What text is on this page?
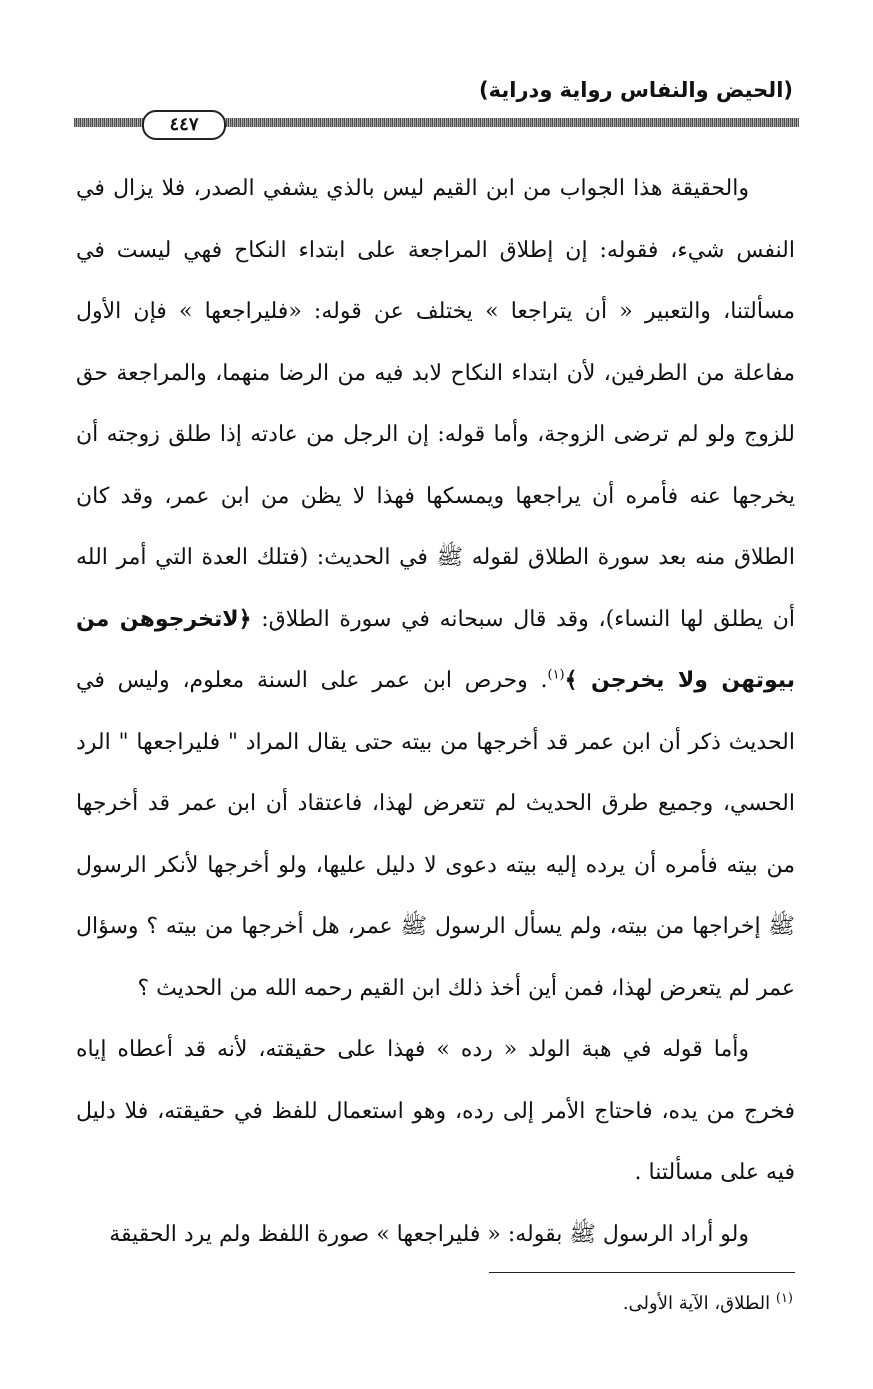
(الحيض والنفاس رواية ودراية)
٤٤٧

والحقيقة هذا الجواب من ابن القيم ليس بالذي يشفي الصدر، فلا يزال في النفس شيء، فقوله: إن إطلاق المراجعة على ابتداء النكاح فهي ليست في مسألتنا، والتعبير « أن يتراجعا » يختلف عن قوله: «فليراجعها » فإن الأول مفاعلة من الطرفين، لأن ابتداء النكاح لابد فيه من الرضا منهما، والمراجعة حق للزوج ولو لم ترضى الزوجة، وأما قوله: إن الرجل من عادته إذا طلق زوجته أن يخرجها عنه فأمره أن يراجعها ويمسكها فهذا لا يظن من ابن عمر، وقد كان الطلاق منه بعد سورة الطلاق لقوله ﷺ في الحديث: (فتلك العدة التي أمر الله أن يطلق لها النساء)، وقد قال سبحانه في سورة الطلاق: ﴿لاتخرجوهن من بيوتهن ولا يخرجن ﴾$^{(١)}$. وحرص ابن عمر على السنة معلوم، وليس في الحديث ذكر أن ابن عمر قد أخرجها من بيته حتى يقال المراد " فليراجعها " الرد الحسي، وجميع طرق الحديث لم تتعرض لهذا، فاعتقاد أن ابن عمر قد أخرجها من بيته فأمره أن يرده إليه بيته دعوى لا دليل عليها، ولو أخرجها لأنكر الرسول ﷺ إخراجها من بيته، ولم يسأل الرسول ﷺ عمر، هل أخرجها من بيته ؟ وسؤال عمر لم يتعرض لهذا، فمن أين أخذ ذلك ابن القيم رحمه الله من الحديث ؟

وأما قوله في هبة الولد « رده » فهذا على حقيقته، لأنه قد أعطاه إياه فخرج من يده، فاحتاج الأمر إلى رده، وهو استعمال للفظ في حقيقته، فلا دليل فيه على مسألتنا .

ولو أراد الرسول ﷺ بقوله: « فليراجعها » صورة اللفظ ولم يرد الحقيقة

$^{(١)}$ الطلاق، الآية الأولى.
